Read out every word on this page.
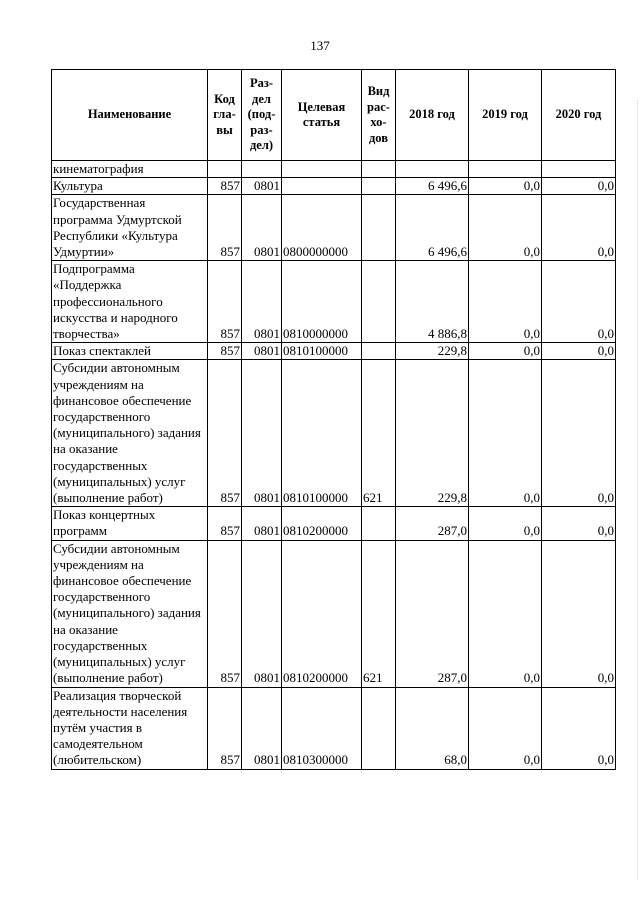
137
Наименование	Код
гла-
вы	Раз-
дел
(под-
раз-
дел)	Целевая
статья	Вид
рас-
хо-
дов	2018 год	2019 год	2020 год
кинематография							
Культура	857	0801			6 496,6	0,0	0,0
Государственная программа Удмуртской Республики «Культура Удмуртии»	857	0801	0800000000		6 496,6	0,0	0,0
Подпрограмма «Поддержка профессионального искусства и народного творчества»	857	0801	0810000000		4 886,8	0,0	0,0
Показ спектаклей	857	0801	0810100000		229,8	0,0	0,0
Субсидии автономным учреждениям на финансовое обеспечение государственного (муниципального) задания на оказание государственных (муниципальных) услуг (выполнение работ)	857	0801	0810100000	621	229,8	0,0	0,0
Показ концертных программ	857	0801	0810200000		287,0	0,0	0,0
Субсидии автономным учреждениям на финансовое обеспечение государственного (муниципального) задания на оказание государственных (муниципальных) услуг (выполнение работ)	857	0801	0810200000	621	287,0	0,0	0,0
Реализация творческой деятельности населения путём участия в самодеятельном (любительском)	857	0801	0810300000		68,0	0,0	0,0
